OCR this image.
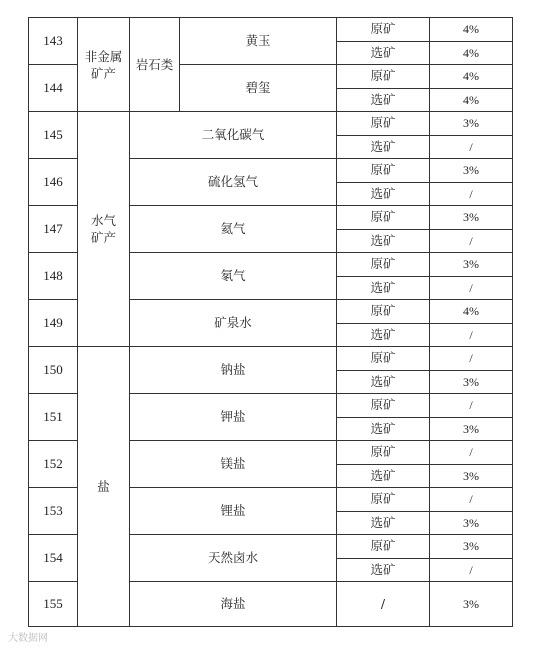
143	非金属矿产	岩石类	黄玉	原矿	4%
				选矿	4%
144			碧玺	原矿	4%
				选矿	4%
145	水气矿产	二氧化碳气		原矿	3%
				选矿	/
146		硫化氢气		原矿	3%
				选矿	/
147		氦气		原矿	3%
				选矿	/
148		氡气		原矿	3%
				选矿	/
149		矿泉水		原矿	4%
				选矿	/
150	盐	钠盐		原矿	/
				选矿	3%
151		钾盐		原矿	/
				选矿	3%
152		镁盐		原矿	/
				选矿	3%
153		锂盐		原矿	/
				选矿	3%
154		天然卤水		原矿	3%
				选矿	/
155		海盐		/	3%
大数据网
